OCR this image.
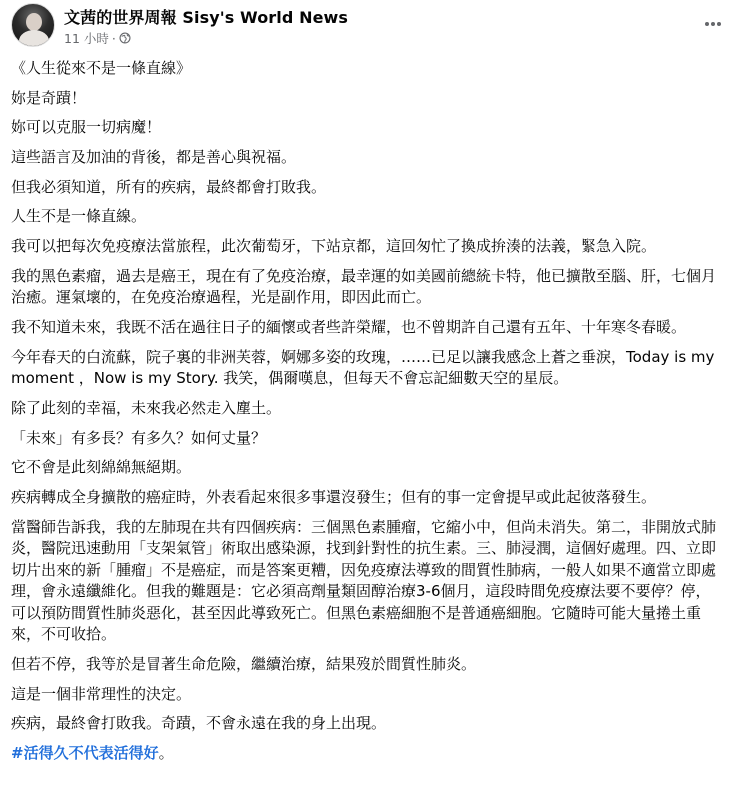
文茜的世界周報 Sisy's World News
11 小時 ·

《人生從來不是一條直線》

妳是奇蹟！

妳可以克服一切病魔！

這些語言及加油的背後，都是善心與祝福。

但我必須知道，所有的疾病，最終都會打敗我。

人生不是一條直線。

我可以把每次免疫療法當旅程，此次葡萄牙，下站京都，這回匆忙了換成拚湊的法義，緊急入院。

我的黑色素瘤，過去是癌王，現在有了免疫治療，最幸運的如美國前總統卡特，他已擴散至腦、肝，七個月治癒。運氣壞的，在免疫治療過程，光是副作用，即因此而亡。

我不知道未來，我既不活在過往日子的緬懷或者些許榮耀，也不曾期許自己還有五年、十年寒冬春暖。

今年春天的白流蘇，院子裏的非洲芙蓉，婀娜多姿的玫瑰，……已足以讓我感念上蒼之垂淚，Today is my moment ，Now is my Story. 我笑，偶爾嘆息，但每天不會忘記細數天空的星辰。

除了此刻的幸福，未來我必然走入塵土。

「未來」有多長？有多久？如何丈量？

它不會是此刻綿綿無絕期。

疾病轉成全身擴散的癌症時，外表看起來很多事還沒發生；但有的事一定會提早或此起彼落發生。

當醫師告訴我，我的左肺現在共有四個疾病：三個黑色素腫瘤，它縮小中，但尚未消失。第二，非開放式肺炎，醫院迅速動用「支架氣管」術取出感染源，找到針對性的抗生素。三、肺浸潤，這個好處理。四、立即切片出來的新「腫瘤」不是癌症，而是答案更糟，因免疫療法導致的間質性肺病，一般人如果不適當立即處理，會永遠纖維化。但我的難題是：它必須高劑量類固醇治療3-6個月，這段時間免疫療法要不要停？停，可以預防間質性肺炎惡化，甚至因此導致死亡。但黑色素癌細胞不是普通癌細胞。它隨時可能大量捲土重來，不可收拾。

但若不停，我等於是冒著生命危險，繼續治療，結果歿於間質性肺炎。

這是一個非常理性的決定。

疾病，最終會打敗我。奇蹟，不會永遠在我的身上出現。

#活得久不代表活得好。
